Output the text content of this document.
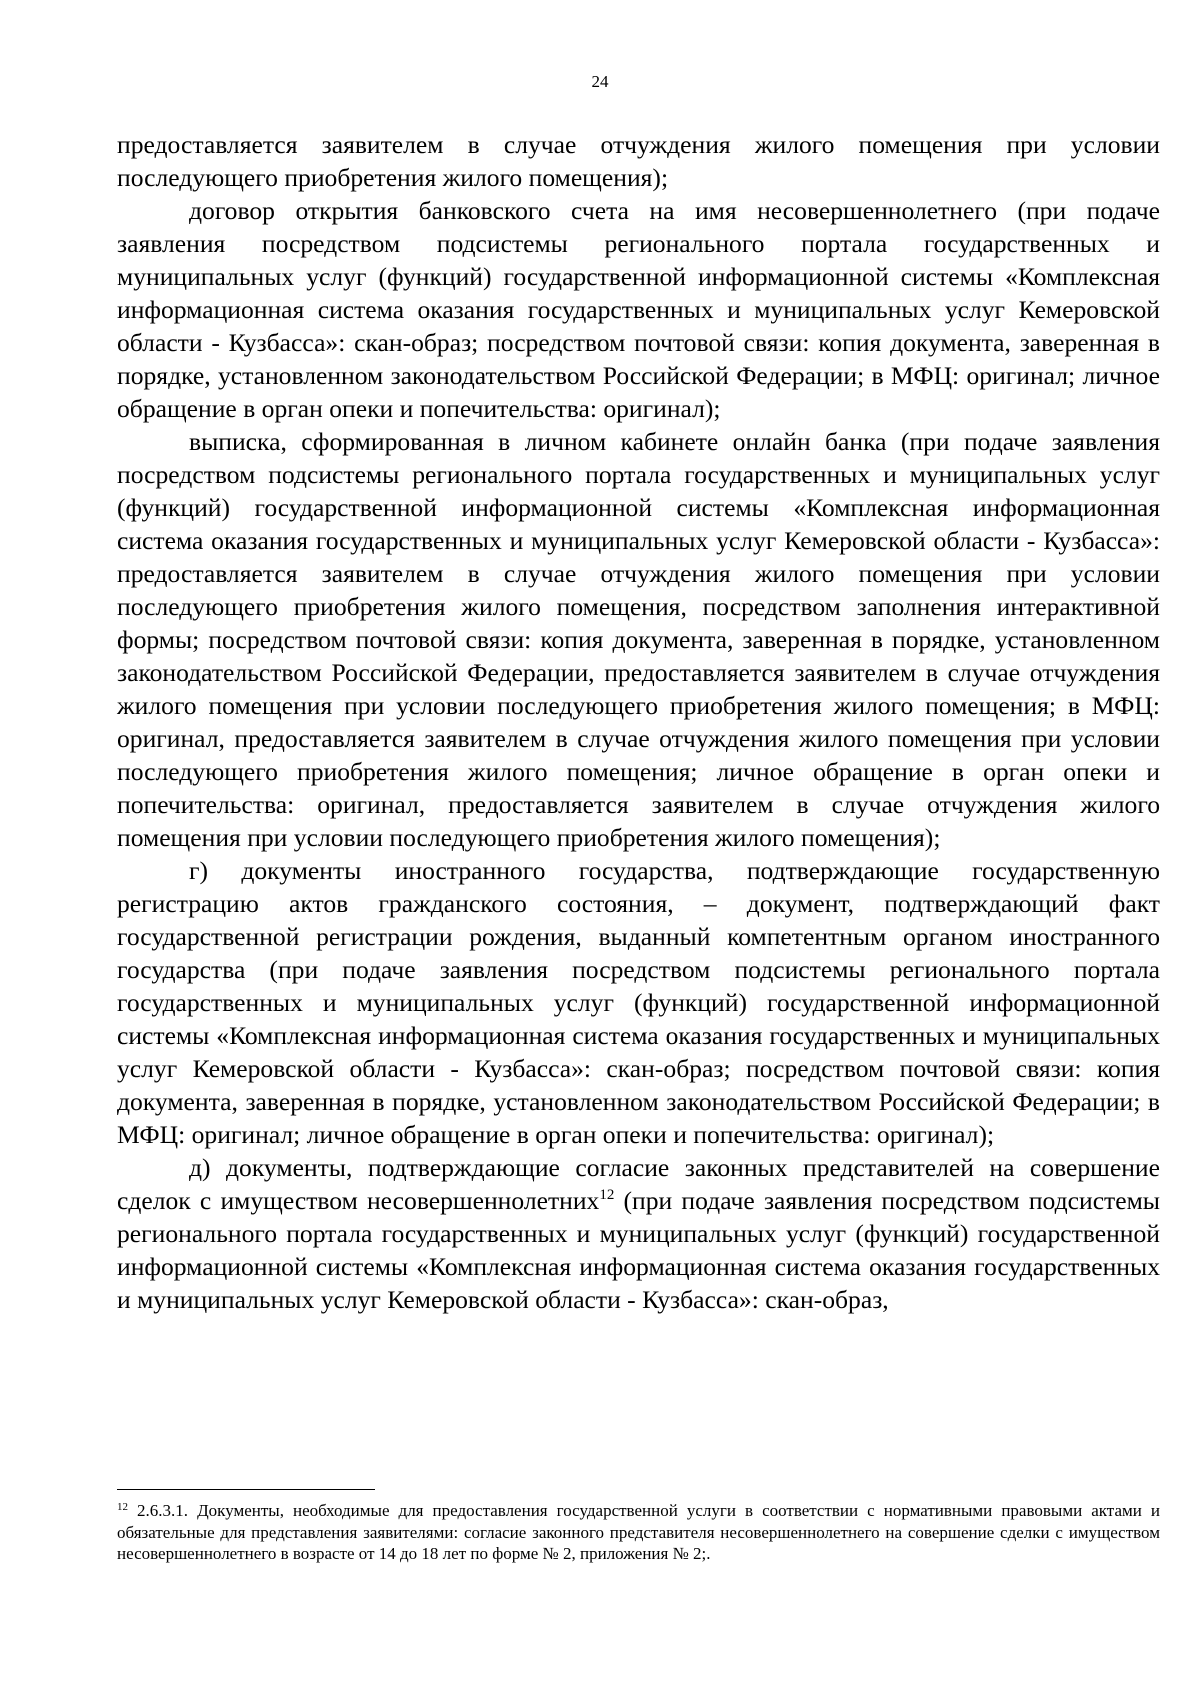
24

предоставляется заявителем в случае отчуждения жилого помещения при условии последующего приобретения жилого помещения);

договор открытия банковского счета на имя несовершеннолетнего (при подаче заявления посредством подсистемы регионального портала государственных и муниципальных услуг (функций) государственной информационной системы «Комплексная информационная система оказания государственных и муниципальных услуг Кемеровской области - Кузбасса»: скан-образ; посредством почтовой связи: копия документа, заверенная в порядке, установленном законодательством Российской Федерации; в МФЦ: оригинал; личное обращение в орган опеки и попечительства: оригинал);

выписка, сформированная в личном кабинете онлайн банка (при подаче заявления посредством подсистемы регионального портала государственных и муниципальных услуг (функций) государственной информационной системы «Комплексная информационная система оказания государственных и муниципальных услуг Кемеровской области - Кузбасса»: предоставляется заявителем в случае отчуждения жилого помещения при условии последующего приобретения жилого помещения, посредством заполнения интерактивной формы; посредством почтовой связи: копия документа, заверенная в порядке, установленном законодательством Российской Федерации, предоставляется заявителем в случае отчуждения жилого помещения при условии последующего приобретения жилого помещения; в МФЦ: оригинал, предоставляется заявителем в случае отчуждения жилого помещения при условии последующего приобретения жилого помещения; личное обращение в орган опеки и попечительства: оригинал, предоставляется заявителем в случае отчуждения жилого помещения при условии последующего приобретения жилого помещения);

г) документы иностранного государства, подтверждающие государственную регистрацию актов гражданского состояния, – документ, подтверждающий факт государственной регистрации рождения, выданный компетентным органом иностранного государства (при подаче заявления посредством подсистемы регионального портала государственных и муниципальных услуг (функций) государственной информационной системы «Комплексная информационная система оказания государственных и муниципальных услуг Кемеровской области - Кузбасса»: скан-образ; посредством почтовой связи: копия документа, заверенная в порядке, установленном законодательством Российской Федерации; в МФЦ: оригинал; личное обращение в орган опеки и попечительства: оригинал);

д) документы, подтверждающие согласие законных представителей на совершение сделок с имуществом несовершеннолетних$^{12}$ (при подаче заявления посредством подсистемы регионального портала государственных и муниципальных услуг (функций) государственной информационной системы «Комплексная информационная система оказания государственных и муниципальных услуг Кемеровской области - Кузбасса»: скан-образ,

$^{12}$ 2.6.3.1. Документы, необходимые для предоставления государственной услуги в соответствии с нормативными правовыми актами и обязательные для представления заявителями: согласие законного представителя несовершеннолетнего на совершение сделки с имуществом несовершеннолетнего в возрасте от 14 до 18 лет по форме № 2, приложения № 2;.
